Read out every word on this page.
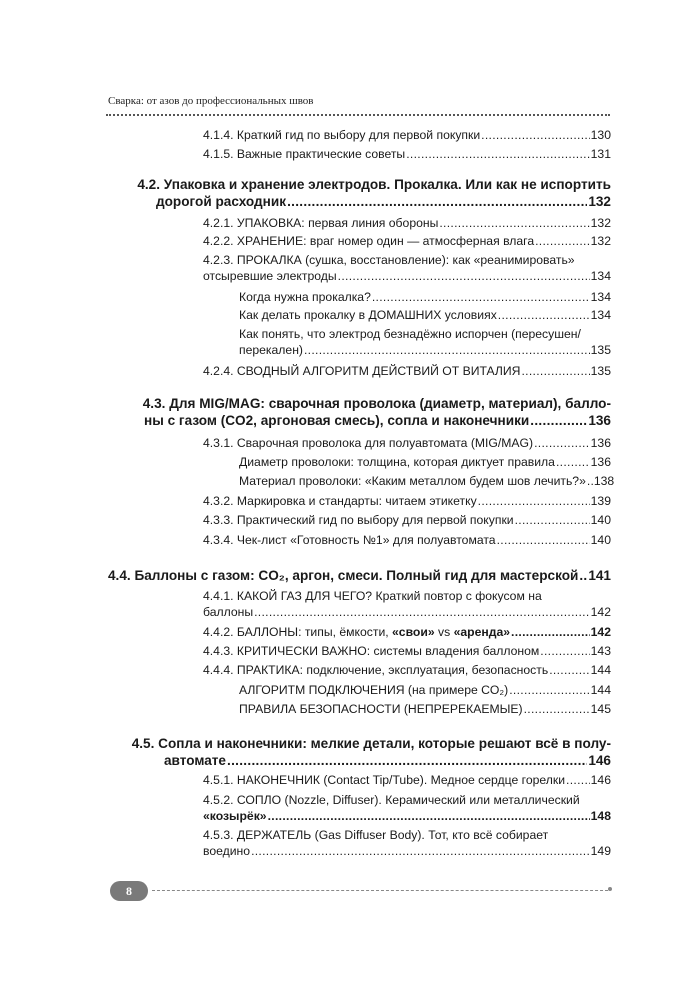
Сварка: от азов до профессиональных швов
4.1.4. Краткий гид по выбору для первой покупки .....	130
4.1.5. Важные практические советы .....	131
4.2. Упаковка и хранение электродов. Прокалка. Или как не испортить
дорогой расходник .....	132
4.2.1. УПАКОВКА: первая линия обороны .....	132
4.2.2. ХРАНЕНИЕ: враг номер один — атмосферная влага .....	132
4.2.3. ПРОКАЛКА (сушка, восстановление): как «реанимировать»
отсыревшие электроды .....	134
Когда нужна прокалка? .....	134
Как делать прокалку в ДОМАШНИХ условиях .....	134
Как понять, что электрод безнадёжно испорчен (пересушен/
перекален) .....	135
4.2.4. СВОДНЫЙ АЛГОРИТМ ДЕЙСТВИЙ ОТ ВИТАЛИЯ .....	135
4.3. Для MIG/MAG: сварочная проволока (диаметр, материал), балло-
ны с газом (CO2, аргоновая смесь), сопла и наконечники .....	136
4.3.1. Сварочная проволока для полуавтомата (MIG/MAG) .....	136
Диаметр проволоки: толщина, которая диктует правила .....	136
Материал проволоки: «Каким металлом будем шов лечить?» ..... 138
4.3.2. Маркировка и стандарты: читаем этикетку .....	139
4.3.3. Практический гид по выбору для первой покупки .....	140
4.3.4. Чек-лист «Готовность №1» для полуавтомата .....	140
4.4. Баллоны с газом: CO₂, аргон, смеси. Полный гид для мастерской ..... 141
4.4.1. КАКОЙ ГАЗ ДЛЯ ЧЕГО? Краткий повтор с фокусом на
баллоны .....	142
4.4.2. БАЛЛОНЫ: типы, ёмкости, «свои» vs «аренда» .....	142
4.4.3. КРИТИЧЕСКИ ВАЖНО: системы владения баллоном .....	143
4.4.4. ПРАКТИКА: подключение, эксплуатация, безопасность .....	144
АЛГОРИТМ ПОДКЛЮЧЕНИЯ (на примере CO₂) .....	144
ПРАВИЛА БЕЗОПАСНОСТИ (НЕПРЕРЕКАЕМЫЕ) .....	145
4.5. Сопла и наконечники: мелкие детали, которые решают всё в полу-
автомате .....	146
4.5.1. НАКОНЕЧНИК (Contact Tip/Tube). Медное сердце горелки ..... 146
4.5.2. СОПЛО (Nozzle, Diffuser). Керамический или металлический
«козырёк» .....	148
4.5.3. ДЕРЖАТЕЛЬ (Gas Diffuser Body). Тот, кто всё собирает
воедино .....	149
8
